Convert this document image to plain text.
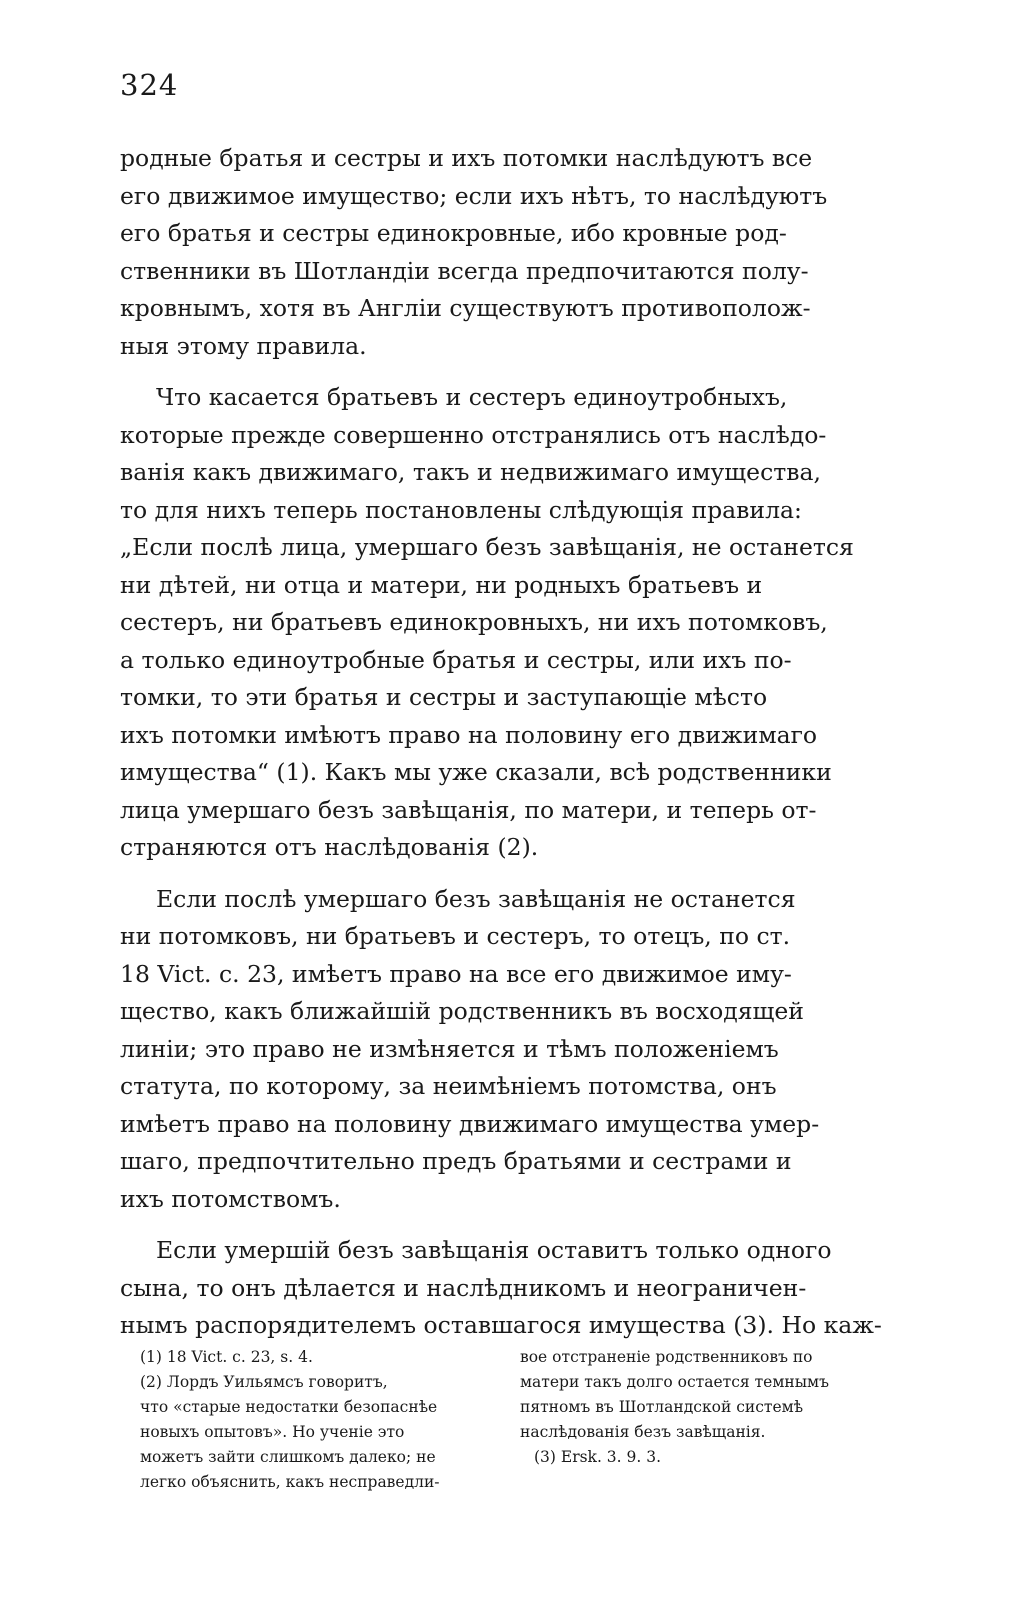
324
родные братья и сестры и ихъ потомки наслѣдуютъ все
его движимое имущество; если ихъ нѣтъ, то наслѣдуютъ
его братья и сестры единокровные, ибо кровные род-
ственники въ Шотландіи всегда предпочитаются полу-
кровнымъ, хотя въ Англіи существуютъ противополож-
ныя этому правила.
Что касается братьевъ и сестеръ единоутробныхъ,
которые прежде совершенно отстранялись отъ наслѣдо-
ванія какъ движимаго, такъ и недвижимаго имущества,
то для нихъ теперь постановлены слѣдующія правила:
„Если послѣ лица, умершаго безъ завѣщанія, не останется
ни дѣтей, ни отца и матери, ни родныхъ братьевъ и
сестеръ, ни братьевъ единокровныхъ, ни ихъ потомковъ,
а только единоутробные братья и сестры, или ихъ по-
томки, то эти братья и сестры и заступающіе мѣсто
ихъ потомки имѣютъ право на половину его движимаго
имущества“ (1). Какъ мы уже сказали, всѣ родственники
лица умершаго безъ завѣщанія, по матери, и теперь от-
страняются отъ наслѣдованія (2).
Если послѣ умершаго безъ завѣщанія не останется
ни потомковъ, ни братьевъ и сестеръ, то отецъ, по ст.
18 Vict. c. 23, имѣетъ право на все его движимое иму-
щество, какъ ближайшій родственникъ въ восходящей
линіи; это право не измѣняется и тѣмъ положеніемъ
статута, по которому, за неимѣніемъ потомства, онъ
имѣетъ право на половину движимаго имущества умер-
шаго, предпочтительно предъ братьями и сестрами и
ихъ потомствомъ.
Если умершій безъ завѣщанія оставитъ только одного
сына, то онъ дѣлается и наслѣдникомъ и неограничен-
нымъ распорядителемъ оставшагося имущества (3). Но каж-
(1) 18 Vict. c. 23, s. 4.
(2) Лордъ Уильямсъ говоритъ,
что «старые недостатки безопаснѣе
новыхъ опытовъ». Но ученіе это
можетъ зайти слишкомъ далеко; не
легко объяснить, какъ несправедли-
вое отстраненіе родственниковъ по
матери такъ долго остается темнымъ
пятномъ въ Шотландской системѣ
наслѣдованія безъ завѣщанія.
(3) Ersk. 3. 9. 3.
